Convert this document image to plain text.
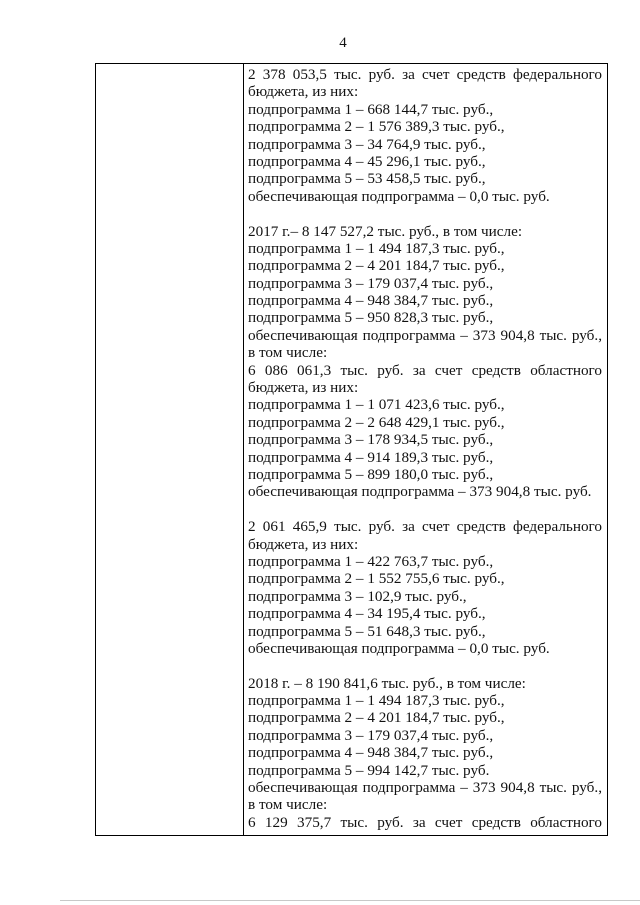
4
2 378 053,5 тыс. руб. за счет средств федерального
бюджета, из них:
подпрограмма 1 – 668 144,7 тыс. руб.,
подпрограмма 2 – 1 576 389,3 тыс. руб.,
подпрограмма 3 – 34 764,9 тыс. руб.,
подпрограмма 4 – 45 296,1 тыс. руб.,
подпрограмма 5 – 53 458,5 тыс. руб.,
обеспечивающая подпрограмма – 0,0 тыс. руб.
2017 г.– 8 147 527,2 тыс. руб., в том числе:
подпрограмма 1 – 1 494 187,3 тыс. руб.,
подпрограмма 2 – 4 201 184,7 тыс. руб.,
подпрограмма 3 – 179 037,4 тыс. руб.,
подпрограмма 4 – 948 384,7 тыс. руб.,
подпрограмма 5 – 950 828,3 тыс. руб.,
обеспечивающая подпрограмма – 373 904,8 тыс. руб.,
в том числе:
6 086 061,3 тыс. руб. за счет средств областного
бюджета, из них:
подпрограмма 1 – 1 071 423,6 тыс. руб.,
подпрограмма 2 – 2 648 429,1 тыс. руб.,
подпрограмма 3 – 178 934,5 тыс. руб.,
подпрограмма 4 – 914 189,3 тыс. руб.,
подпрограмма 5 – 899 180,0 тыс. руб.,
обеспечивающая подпрограмма – 373 904,8 тыс. руб.
2 061 465,9 тыс. руб. за счет средств федерального
бюджета, из них:
подпрограмма 1 – 422 763,7 тыс. руб.,
подпрограмма 2 – 1 552 755,6 тыс. руб.,
подпрограмма 3 – 102,9 тыс. руб.,
подпрограмма 4 – 34 195,4 тыс. руб.,
подпрограмма 5 – 51 648,3 тыс. руб.,
обеспечивающая подпрограмма – 0,0 тыс. руб.
2018 г. – 8 190 841,6 тыс. руб., в том числе:
подпрограмма 1 – 1 494 187,3 тыс. руб.,
подпрограмма 2 – 4 201 184,7 тыс. руб.,
подпрограмма 3 – 179 037,4 тыс. руб.,
подпрограмма 4 – 948 384,7 тыс. руб.,
подпрограмма 5 – 994 142,7 тыс. руб.
обеспечивающая подпрограмма – 373 904,8 тыс. руб.,
в том числе:
6 129 375,7 тыс. руб. за счет средств областного
